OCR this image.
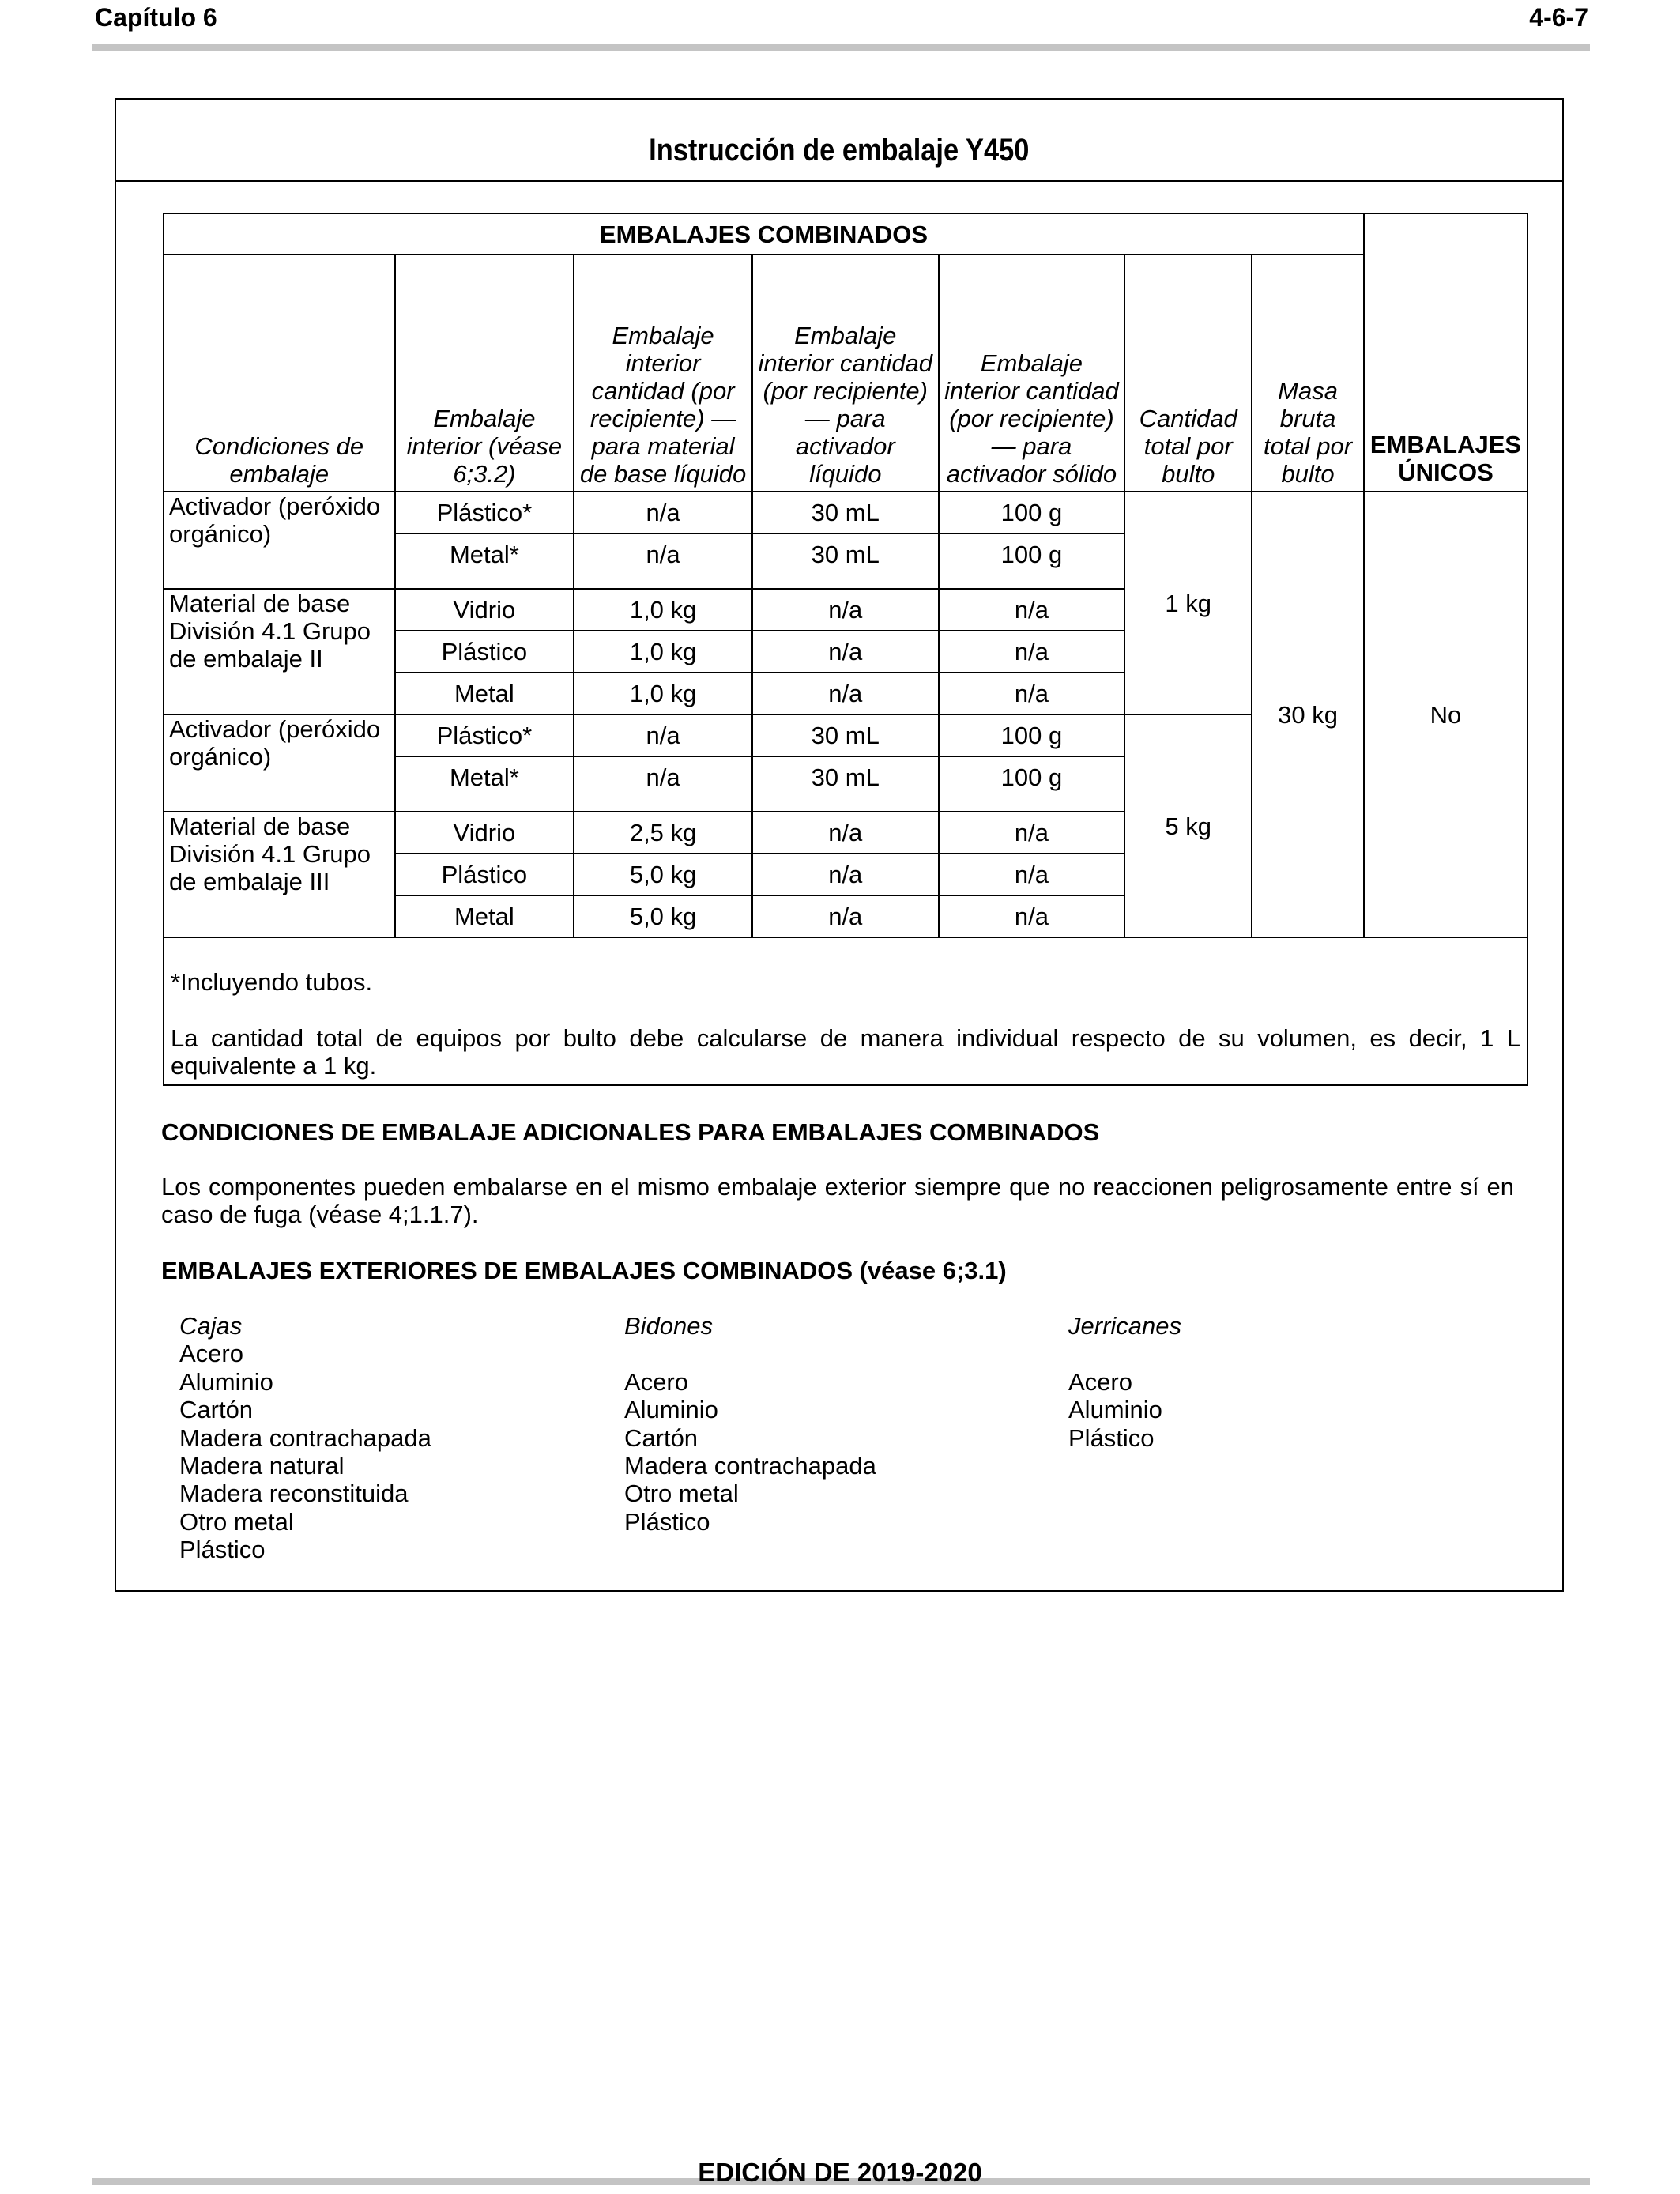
Capítulo 6	4-6-7
Instrucción de embalaje Y450
EMBALAJES COMBINADOS							EMBALAJES ÚNICOS
Condiciones de embalaje	Embalaje interior (véase 6;3.2)	Embalaje interior cantidad (por recipiente) — para material de base líquido	Embalaje interior cantidad (por recipiente) — para activador líquido	Embalaje interior cantidad (por recipiente) — para activador sólido	Cantidad total por bulto	Masa bruta total por bulto	
Activador (peróxido orgánico)	Plástico*	n/a	30 mL	100 g	1 kg	30 kg	No
	Metal*	n/a	30 mL	100 g			
Material de base División 4.1 Grupo de embalaje II	Vidrio	1,0 kg	n/a	n/a			
	Plástico	1,0 kg	n/a	n/a			
	Metal	1,0 kg	n/a	n/a			
Activador (peróxido orgánico)	Plástico*	n/a	30 mL	100 g	5 kg		
	Metal*	n/a	30 mL	100 g			
Material de base División 4.1 Grupo de embalaje III	Vidrio	2,5 kg	n/a	n/a			
	Plástico	5,0 kg	n/a	n/a			
	Metal	5,0 kg	n/a	n/a			

*Incluyendo tubos.

La cantidad total de equipos por bulto debe calcularse de manera individual respecto de su volumen, es decir, 1 L equivalente a 1 kg.							

CONDICIONES DE EMBALAJE ADICIONALES PARA EMBALAJES COMBINADOS
Los componentes pueden embalarse en el mismo embalaje exterior siempre que no reaccionen peligrosamente entre sí en caso de fuga (véase 4;1.1.7).
EMBALAJES EXTERIORES DE EMBALAJES COMBINADOS (véase 6;3.1)
Cajas
Acero
Aluminio
Cartón
Madera contrachapada
Madera natural
Madera reconstituida
Otro metal
Plástico
Bidones
Acero
Aluminio
Cartón
Madera contrachapada
Otro metal
Plástico
Jerricanes
Acero
Aluminio
Plástico
EDICIÓN DE 2019-2020
